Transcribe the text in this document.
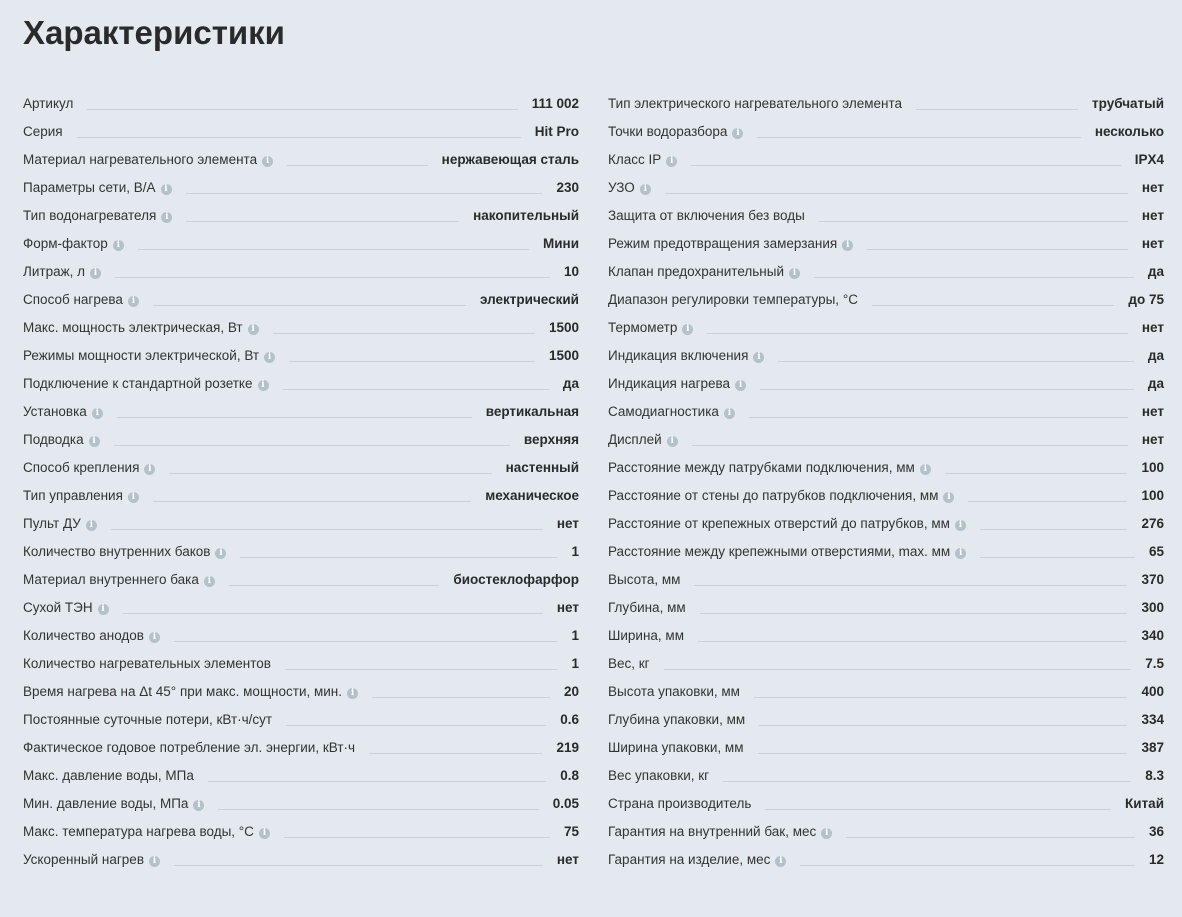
Характеристики
Артикул	111 002
Серия	Hit Pro
Материал нагревательного элемента i	нержавеющая сталь
Параметры сети, В/А i	230
Тип водонагревателя i	накопительный
Форм-фактор i	Мини
Литраж, л i	10
Способ нагрева i	электрический
Макс. мощность электрическая, Вт i	1500
Режимы мощности электрической, Вт i	1500
Подключение к стандартной розетке i	да
Установка i	вертикальная
Подводка i	верхняя
Способ крепления i	настенный
Тип управления i	механическое
Пульт ДУ i	нет
Количество внутренних баков i	1
Материал внутреннего бака i	биостеклофарфор
Сухой ТЭН i	нет
Количество анодов i	1
Количество нагревательных элементов	1
Время нагрева на Δt 45° при макс. мощности, мин. i	20
Постоянные суточные потери, кВт·ч/сут	0.6
Фактическое годовое потребление эл. энергии, кВт·ч	219
Макс. давление воды, МПа	0.8
Мин. давление воды, МПа i	0.05
Макс. температура нагрева воды, °С i	75
Ускоренный нагрев i	нет
Тип электрического нагревательного элемента	трубчатый
Точки водоразбора i	несколько
Класс IP i	IPX4
УЗО i	нет
Защита от включения без воды	нет
Режим предотвращения замерзания i	нет
Клапан предохранительный i	да
Диапазон регулировки температуры, °С	до 75
Термометр i	нет
Индикация включения i	да
Индикация нагрева i	да
Самодиагностика i	нет
Дисплей i	нет
Расстояние между патрубками подключения, мм i	100
Расстояние от стены до патрубков подключения, мм i	100
Расстояние от крепежных отверстий до патрубков, мм i	276
Расстояние между крепежными отверстиями, max. мм i	65
Высота, мм	370
Глубина, мм	300
Ширина, мм	340
Вес, кг	7.5
Высота упаковки, мм	400
Глубина упаковки, мм	334
Ширина упаковки, мм	387
Вес упаковки, кг	8.3
Страна производитель	Китай
Гарантия на внутренний бак, мес i	36
Гарантия на изделие, мес i	12
